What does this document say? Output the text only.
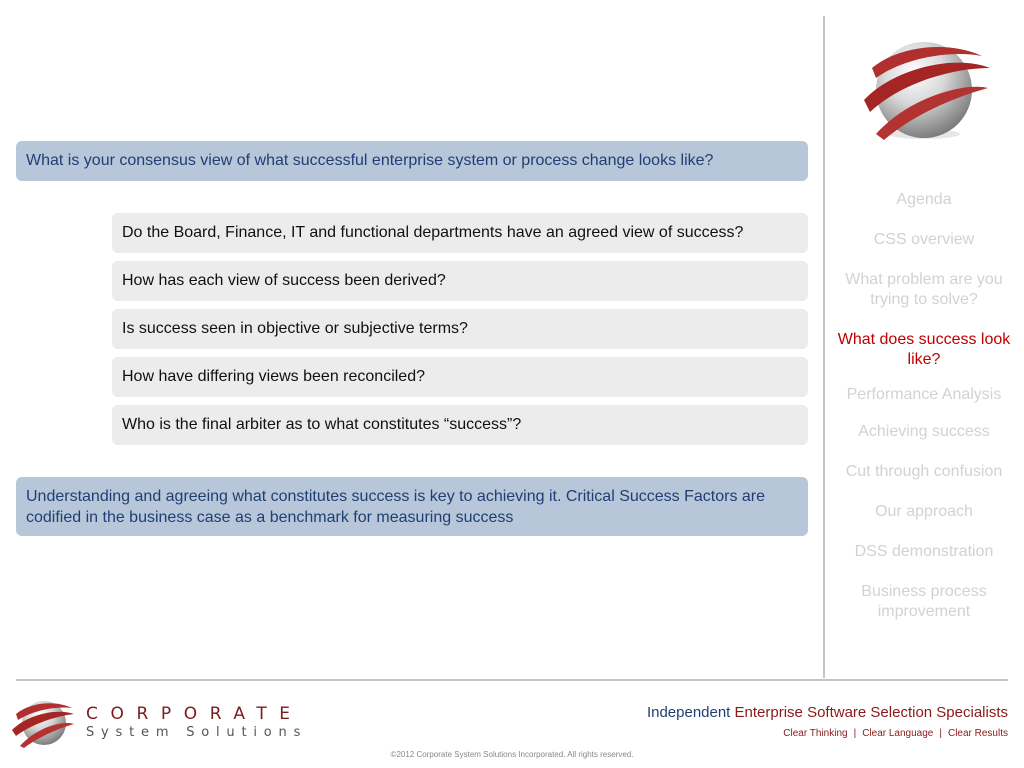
What is your consensus view of what successful enterprise system or process change looks like?
Do the Board, Finance, IT and functional departments have an agreed view of success?
How has each view of success been derived?
Is success seen in objective or subjective terms?
How have differing views been reconciled?
Who is the final arbiter as to what constitutes “success”?
Understanding and agreeing what constitutes success is key to achieving it. Critical Success Factors are codified in the business case as a benchmark for measuring success
Agenda
CSS overview
What problem are you trying to solve?
What does success look like?
Performance Analysis
Achieving success
Cut through confusion
Our approach
DSS demonstration
Business process improvement
CORPORATE
System Solutions
Independent Enterprise Software Selection Specialists
Clear Thinking | Clear Language | Clear Results
©2012 Corporate System Solutions Incorporated. All rights reserved.
